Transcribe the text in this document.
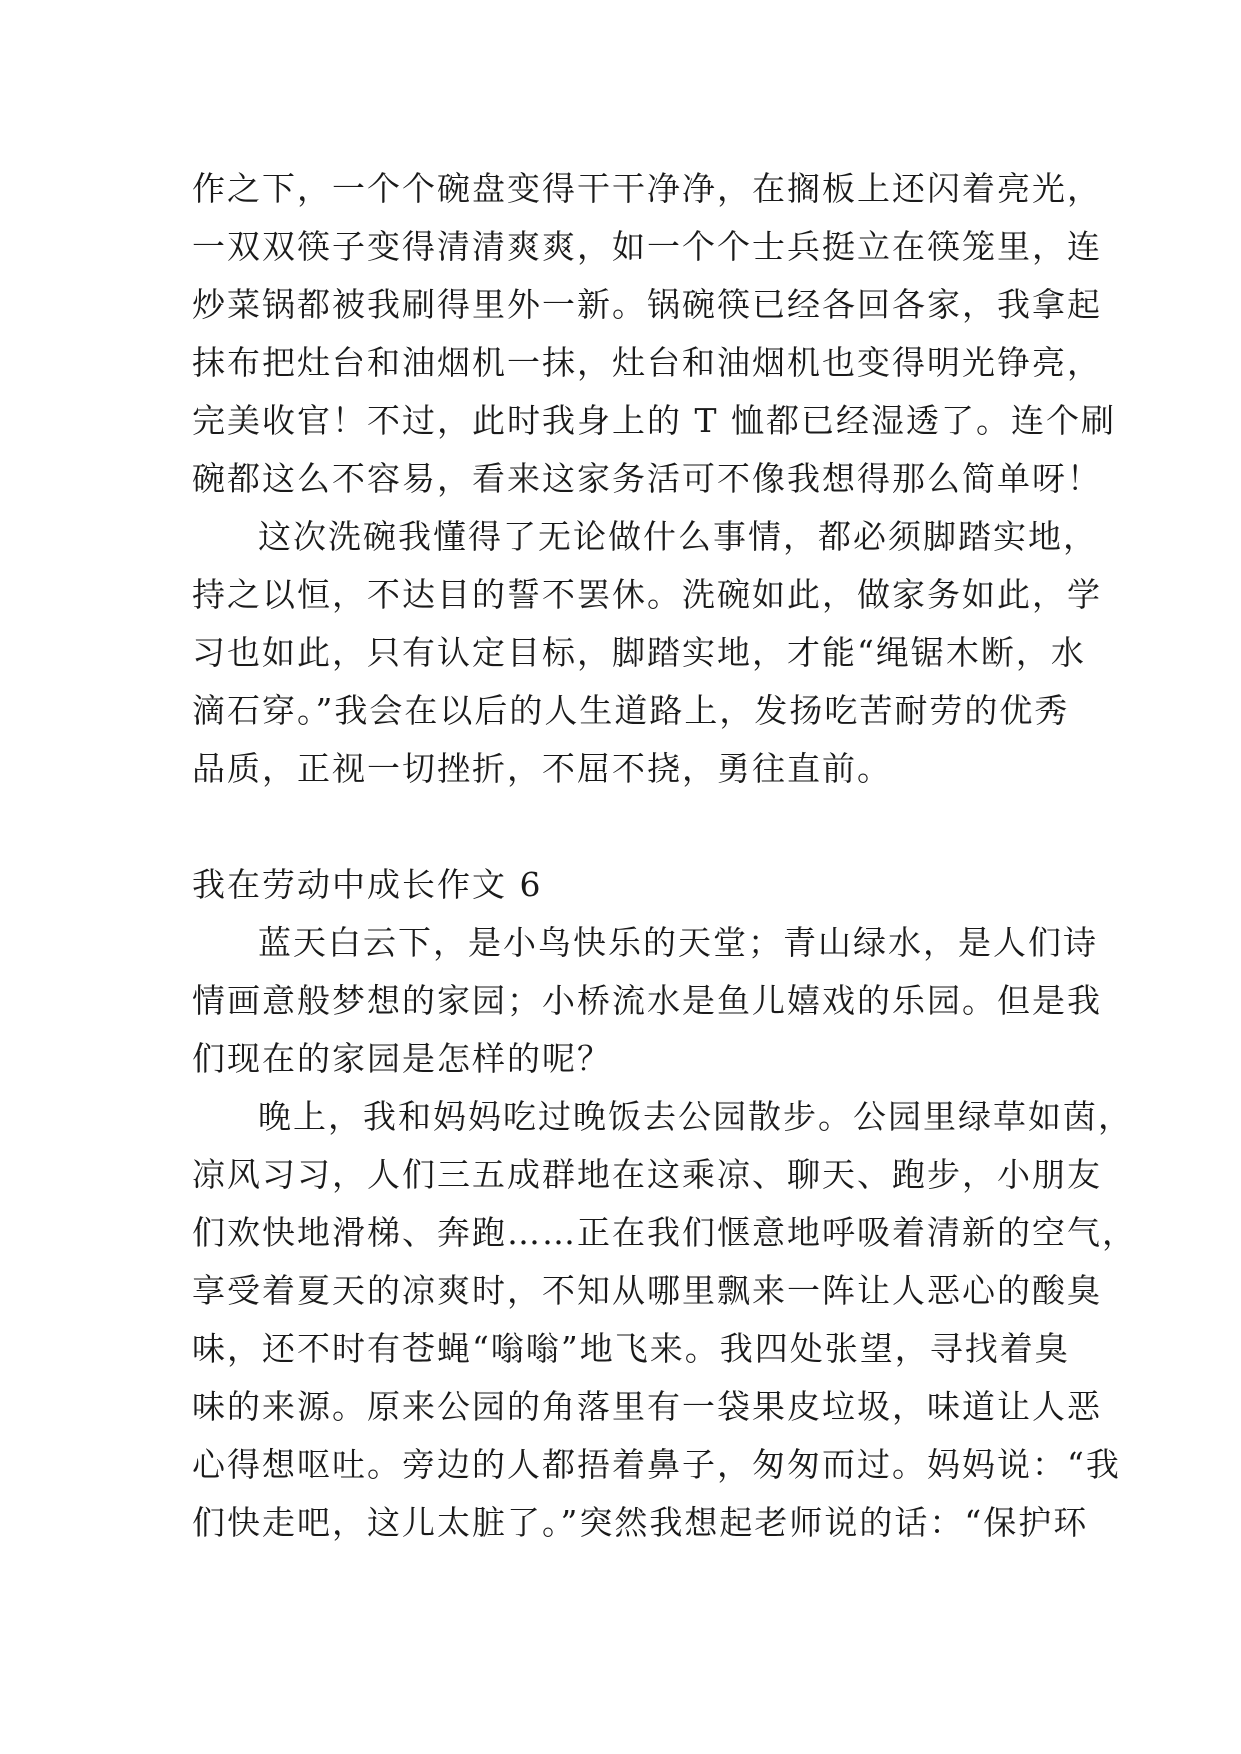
作之下，一个个碗盘变得干干净净，在搁板上还闪着亮光，
一双双筷子变得清清爽爽，如一个个士兵挺立在筷笼里，连
炒菜锅都被我刷得里外一新。锅碗筷已经各回各家，我拿起
抹布把灶台和油烟机一抹，灶台和油烟机也变得明光铮亮，
完美收官！不过，此时我身上的 T 恤都已经湿透了。连个刷
碗都这么不容易，看来这家务活可不像我想得那么简单呀！
这次洗碗我懂得了无论做什么事情，都必须脚踏实地，
持之以恒，不达目的誓不罢休。洗碗如此，做家务如此，学
习也如此，只有认定目标，脚踏实地，才能“绳锯木断，水
滴石穿。”我会在以后的人生道路上，发扬吃苦耐劳的优秀
品质，正视一切挫折，不屈不挠，勇往直前。
我在劳动中成长作文 6
蓝天白云下，是小鸟快乐的天堂；青山绿水，是人们诗
情画意般梦想的家园；小桥流水是鱼儿嬉戏的乐园。但是我
们现在的家园是怎样的呢？
晚上，我和妈妈吃过晚饭去公园散步。公园里绿草如茵，
凉风习习，人们三五成群地在这乘凉、聊天、跑步，小朋友
们欢快地滑梯、奔跑……正在我们惬意地呼吸着清新的空气，
享受着夏天的凉爽时，不知从哪里飘来一阵让人恶心的酸臭
味，还不时有苍蝇“嗡嗡”地飞来。我四处张望，寻找着臭
味的来源。原来公园的角落里有一袋果皮垃圾，味道让人恶
心得想呕吐。旁边的人都捂着鼻子，匆匆而过。妈妈说：“我
们快走吧，这儿太脏了。”突然我想起老师说的话：“保护环
